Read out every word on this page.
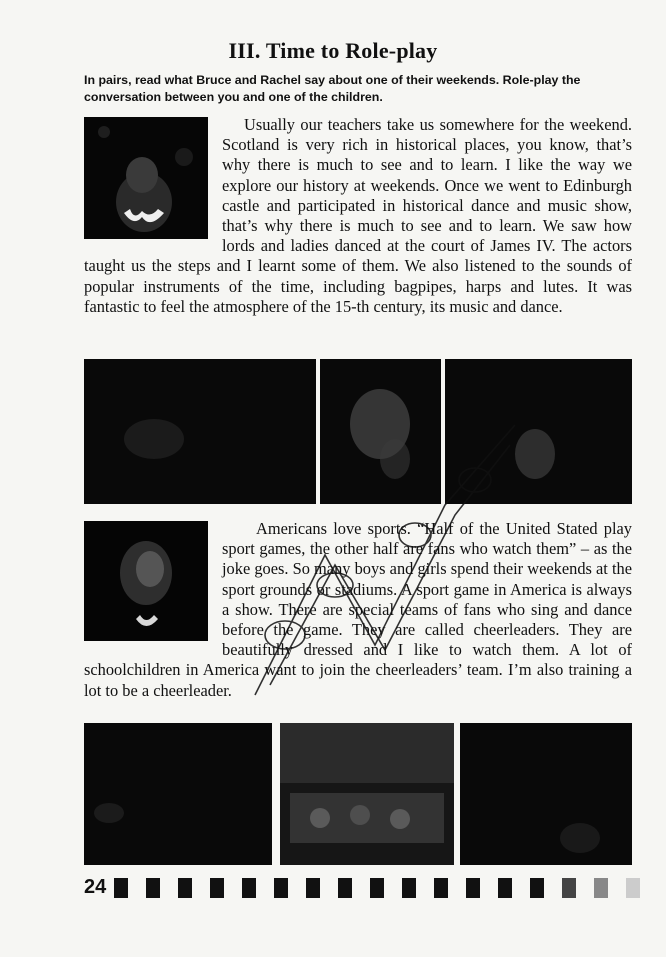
III. Time to Role-play
In pairs, read what Bruce and Rachel say about one of their weekends. Role-play the conversation between you and one of the children.

Usually our teachers take us somewhere for the weekend. Scotland is very rich in historical places, you know, that’s why there is much to see and to learn. I like the way we explore our history at weekends. Once we went to Edinburgh castle and participated in historical dance and music show, that’s why there is much to see and to learn. We saw how lords and ladies danced at the court of James IV. The actors taught us the steps and I learnt some of them. We also listened to the sounds of popular instruments of the time, including bagpipes, harps and lutes. It was fantastic to feel the atmosphere of the 15-th century, its music and dance.

Americans love sports. “Half of the United Stated play sport games, the other half are fans who watch them” – as the joke goes. So many boys and girls spend their weekends at the sport grounds or stadiums. A sport game in America is always a show. There are special teams of fans who sing and dance before the game. They are called cheerleaders. They are beautifully dressed and I like to watch them. A lot of schoolchildren in America want to join the cheerleaders’ team. I’m also training a lot to be a cheerleader.

24
